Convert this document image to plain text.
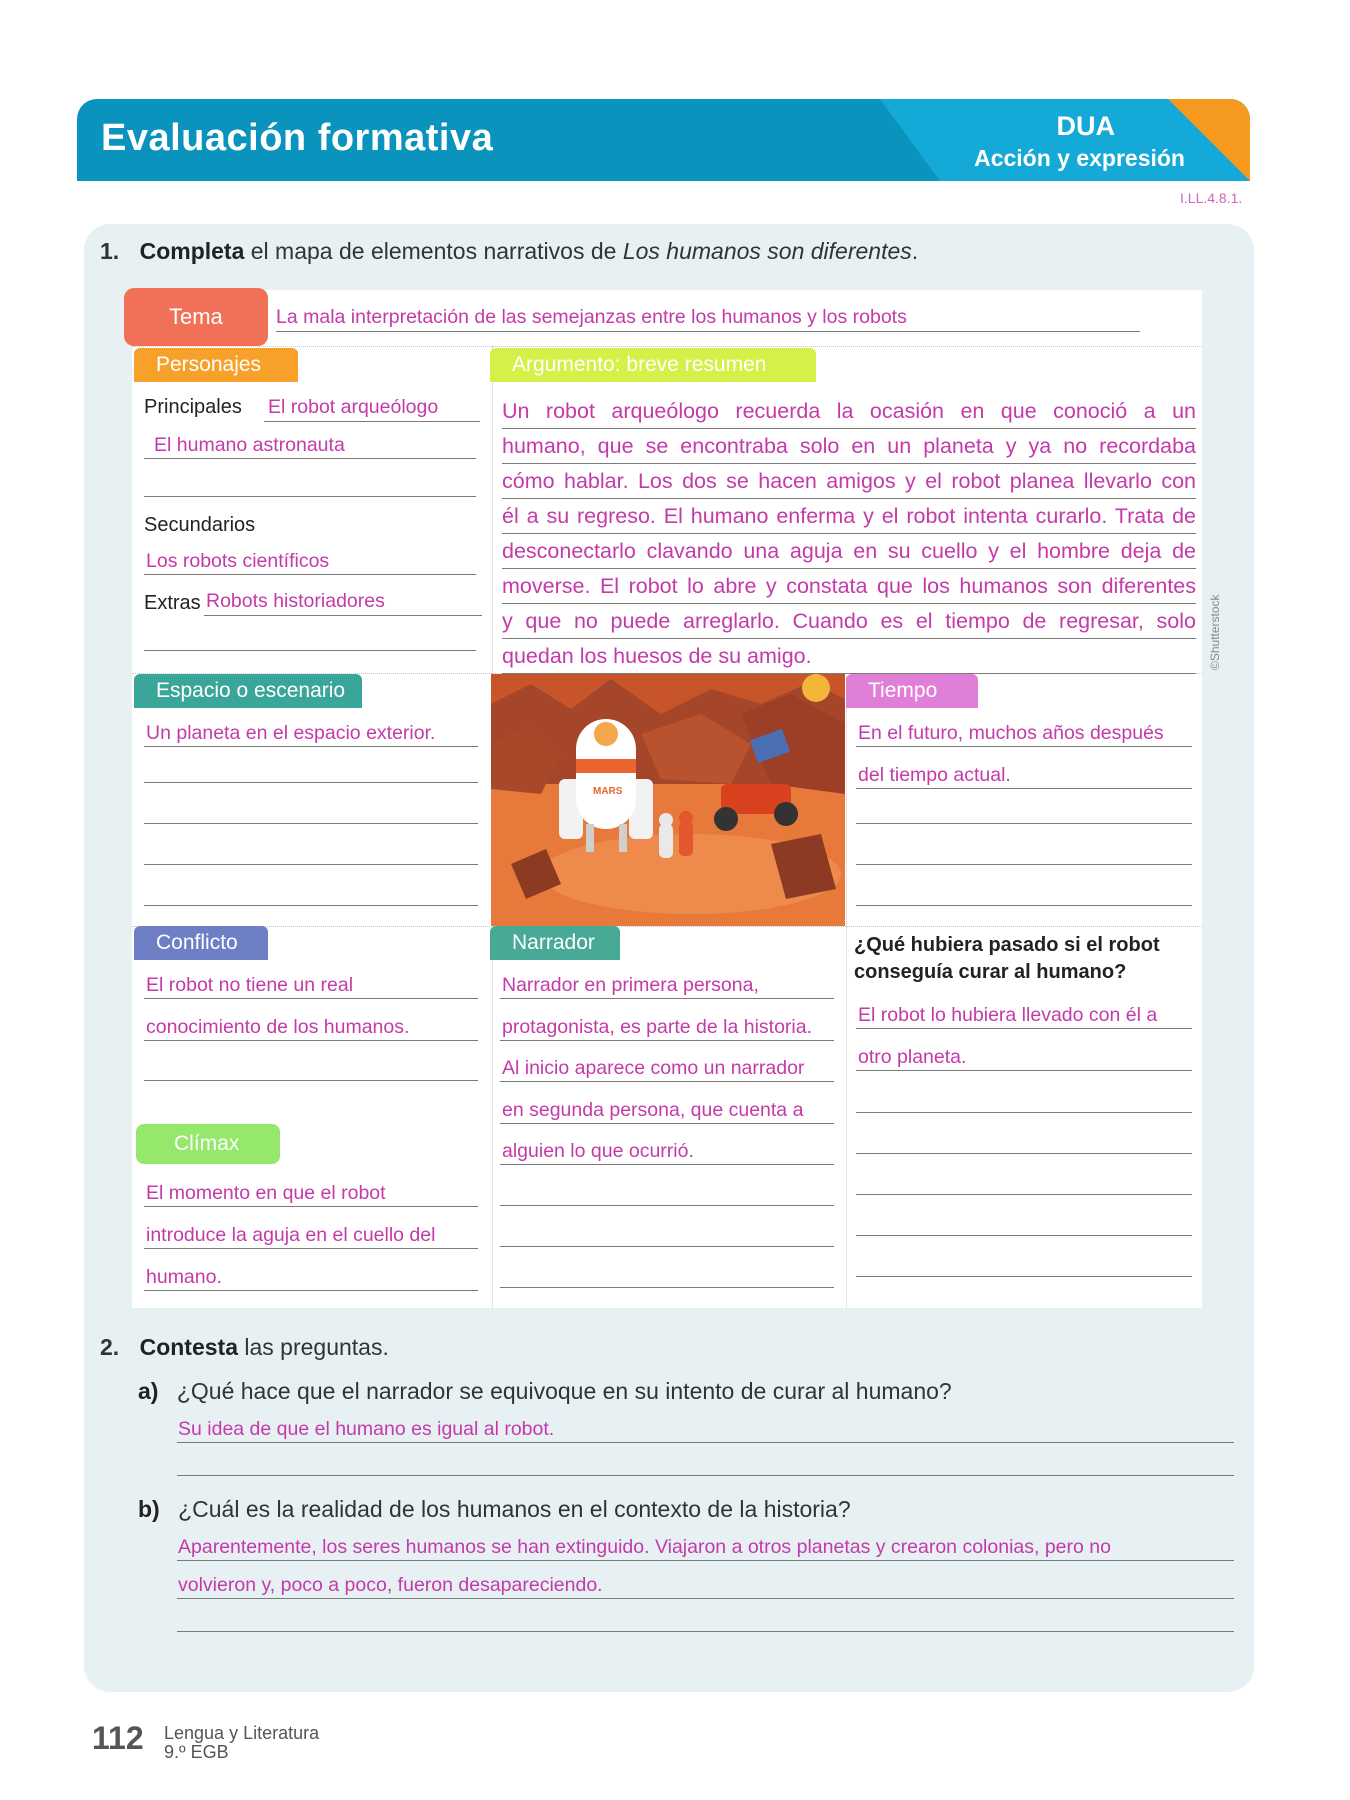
Evaluación formativa	DUA
Acción y expresión
I.LL.4.8.1.
1. Completa el mapa de elementos narrativos de Los humanos son diferentes.
Tema	La mala interpretación de las semejanzas entre los humanos y los robots
Personajes
Principales El robot arqueólogo
El humano astronauta
Secundarios
Los robots científicos
Extras Robots historiadores
Argumento: breve resumen
Un robot arqueólogo recuerda la ocasión en que conoció a un
humano, que se encontraba solo en un planeta y ya no recordaba
cómo hablar. Los dos se hacen amigos y el robot planea llevarlo con
él a su regreso. El humano enferma y el robot intenta curarlo. Trata de
desconectarlo clavando una aguja en su cuello y el hombre deja de
moverse. El robot lo abre y constata que los humanos son diferentes
y que no puede arreglarlo. Cuando es el tiempo de regresar, solo
quedan los huesos de su amigo.
Espacio o escenario
Un planeta en el espacio exterior.
MARS
Tiempo
En el futuro, muchos años después
del tiempo actual.
©Shutterstock
Conflicto
El robot no tiene un real
conocimiento de los humanos.
Clímax
El momento en que el robot
introduce la aguja en el cuello del
humano.
Narrador
Narrador en primera persona,
protagonista, es parte de la historia.
Al inicio aparece como un narrador
en segunda persona, que cuenta a
alguien lo que ocurrió.
¿Qué hubiera pasado si el robot conseguía curar al humano?
El robot lo hubiera llevado con él a
otro planeta.
2. Contesta las preguntas.
a) ¿Qué hace que el narrador se equivoque en su intento de curar al humano?
Su idea de que el humano es igual al robot.
b) ¿Cuál es la realidad de los humanos en el contexto de la historia?
Aparentemente, los seres humanos se han extinguido. Viajaron a otros planetas y crearon colonias, pero no
volvieron y, poco a poco, fueron desapareciendo.
112 Lengua y Literatura
9.º EGB
